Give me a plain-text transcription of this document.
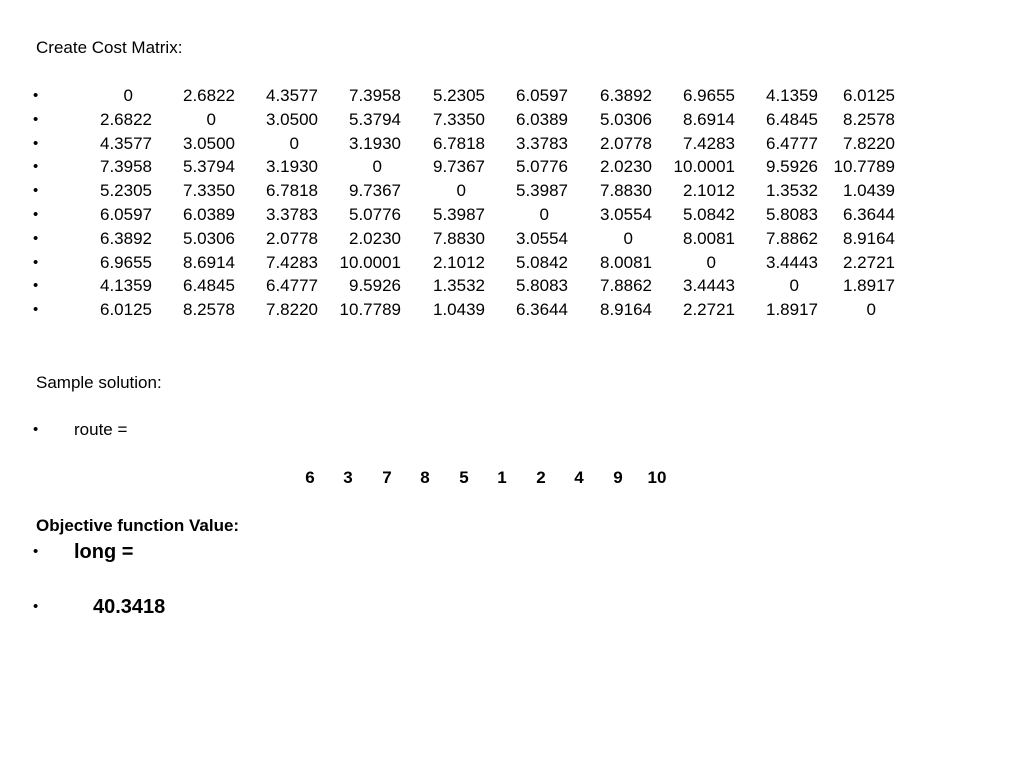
Create Cost Matrix:
•	0	2.6822	4.3577	7.3958	5.2305	6.0597	6.3892	6.9655	4.1359	6.0125
•	2.6822	0	3.0500	5.3794	7.3350	6.0389	5.0306	8.6914	6.4845	8.2578
•	4.3577	3.0500	0	3.1930	6.7818	3.3783	2.0778	7.4283	6.4777	7.8220
•	7.3958	5.3794	3.1930	0	9.7367	5.0776	2.0230	10.0001	9.5926 10.7789
•	5.2305	7.3350	6.7818	9.7367	0	5.3987	7.8830	2.1012	1.3532	1.0439
•	6.0597	6.0389	3.3783	5.0776	5.3987	0	3.0554	5.0842	5.8083	6.3644
•	6.3892	5.0306	2.0778	2.0230	7.8830	3.0554	0	8.0081	7.8862	8.9164
•	6.9655	8.6914	7.4283	10.0001	2.1012	5.0842	8.0081	0	3.4443	2.2721
•	4.1359	6.4845	6.4777	9.5926	1.3532	5.8083	7.8862	3.4443	0	1.8917
•	6.0125	8.2578	7.8220	10.7789	1.0439	6.3644	8.9164	2.2721	1.8917	0
Sample solution:
• route =
6	3	7	8	5	1	2	4	9	10
Objective function Value:
• long =
•	40.3418
